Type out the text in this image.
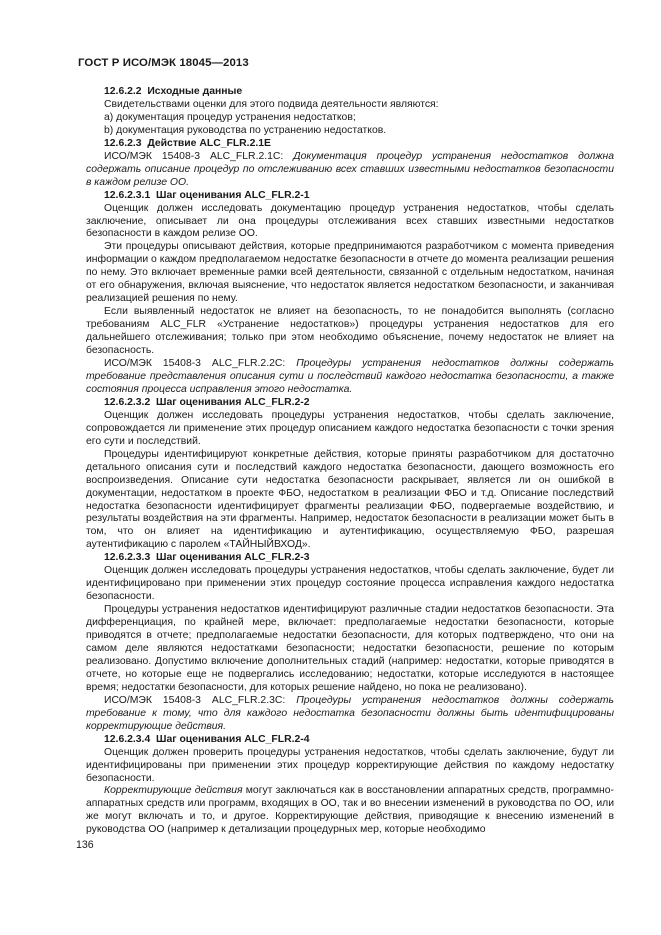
ГОСТ Р ИСО/МЭК 18045—2013

12.6.2.2 Исходные данные

Свидетельствами оценки для этого подвида деятельности являются:

a) документация процедур устранения недостатков;

b) документация руководства по устранению недостатков.

12.6.2.3 Действие ALC_FLR.2.1E

ИСО/МЭК 15408-3 ALC_FLR.2.1С: Документация процедур устранения недостатков должна содержать описание процедур по отслеживанию всех ставших известными недостатков безопасности в каждом релизе ОО.

12.6.2.3.1 Шаг оценивания ALC_FLR.2-1

Оценщик должен исследовать документацию процедур устранения недостатков, чтобы сделать заключение, описывает ли она процедуры отслеживания всех ставших известными недостатков безопасности в каждом релизе ОО.

Эти процедуры описывают действия, которые предпринимаются разработчиком с момента приведения информации о каждом предполагаемом недостатке безопасности в отчете до момента реализации решения по нему. Это включает временные рамки всей деятельности, связанной с отдельным недостатком, начиная от его обнаружения, включая выяснение, что недостаток является недостатком безопасности, и заканчивая реализацией решения по нему.

Если выявленный недостаток не влияет на безопасность, то не понадобится выполнять (согласно требованиям ALC_FLR «Устранение недостатков») процедуры устранения недостатков для его дальнейшего отслеживания; только при этом необходимо объяснение, почему недостаток не влияет на безопасность.

ИСО/МЭК 15408-3 ALC_FLR.2.2С: Процедуры устранения недостатков должны содержать требование представления описания сути и последствий каждого недостатка безопасности, а также состояния процесса исправления этого недостатка.

12.6.2.3.2 Шаг оценивания ALC_FLR.2-2

Оценщик должен исследовать процедуры устранения недостатков, чтобы сделать заключение, сопровождается ли применение этих процедур описанием каждого недостатка безопасности с точки зрения его сути и последствий.

Процедуры идентифицируют конкретные действия, которые приняты разработчиком для достаточно детального описания сути и последствий каждого недостатка безопасности, дающего возможность его воспроизведения. Описание сути недостатка безопасности раскрывает, является ли он ошибкой в документации, недостатком в проекте ФБО, недостатком в реализации ФБО и т.д. Описание последствий недостатка безопасности идентифицирует фрагменты реализации ФБО, подвергаемые воздействию, и результаты воздействия на эти фрагменты. Например, недостаток безопасности в реализации может быть в том, что он влияет на идентификацию и аутентификацию, осуществляемую ФБО, разрешая аутентификацию с паролем «ТАЙНЫЙВХОД».

12.6.2.3.3 Шаг оценивания ALC_FLR.2-3

Оценщик должен исследовать процедуры устранения недостатков, чтобы сделать заключение, будет ли идентифицировано при применении этих процедур состояние процесса исправления каждого недостатка безопасности.

Процедуры устранения недостатков идентифицируют различные стадии недостатков безопасности. Эта дифференциация, по крайней мере, включает: предполагаемые недостатки безопасности, которые приводятся в отчете; предполагаемые недостатки безопасности, для которых подтверждено, что они на самом деле являются недостатками безопасности; недостатки безопасности, решение по которым реализовано. Допустимо включение дополнительных стадий (например: недостатки, которые приводятся в отчете, но которые еще не подвергались исследованию; недостатки, которые исследуются в настоящее время; недостатки безопасности, для которых решение найдено, но пока не реализовано).

ИСО/МЭК 15408-3 ALC_FLR.2.3С: Процедуры устранения недостатков должны содержать требование к тому, что для каждого недостатка безопасности должны быть идентифицированы корректирующие действия.

12.6.2.3.4 Шаг оценивания ALC_FLR.2-4

Оценщик должен проверить процедуры устранения недостатков, чтобы сделать заключение, будут ли идентифицированы при применении этих процедур корректирующие действия по каждому недостатку безопасности.

Корректирующие действия могут заключаться как в восстановлении аппаратных средств, программно-аппаратных средств или программ, входящих в ОО, так и во внесении изменений в руководства по ОО, или же могут включать и то, и другое. Корректирующие действия, приводящие к внесению изменений в руководства ОО (например к детализации процедурных мер, которые необходимо

136
